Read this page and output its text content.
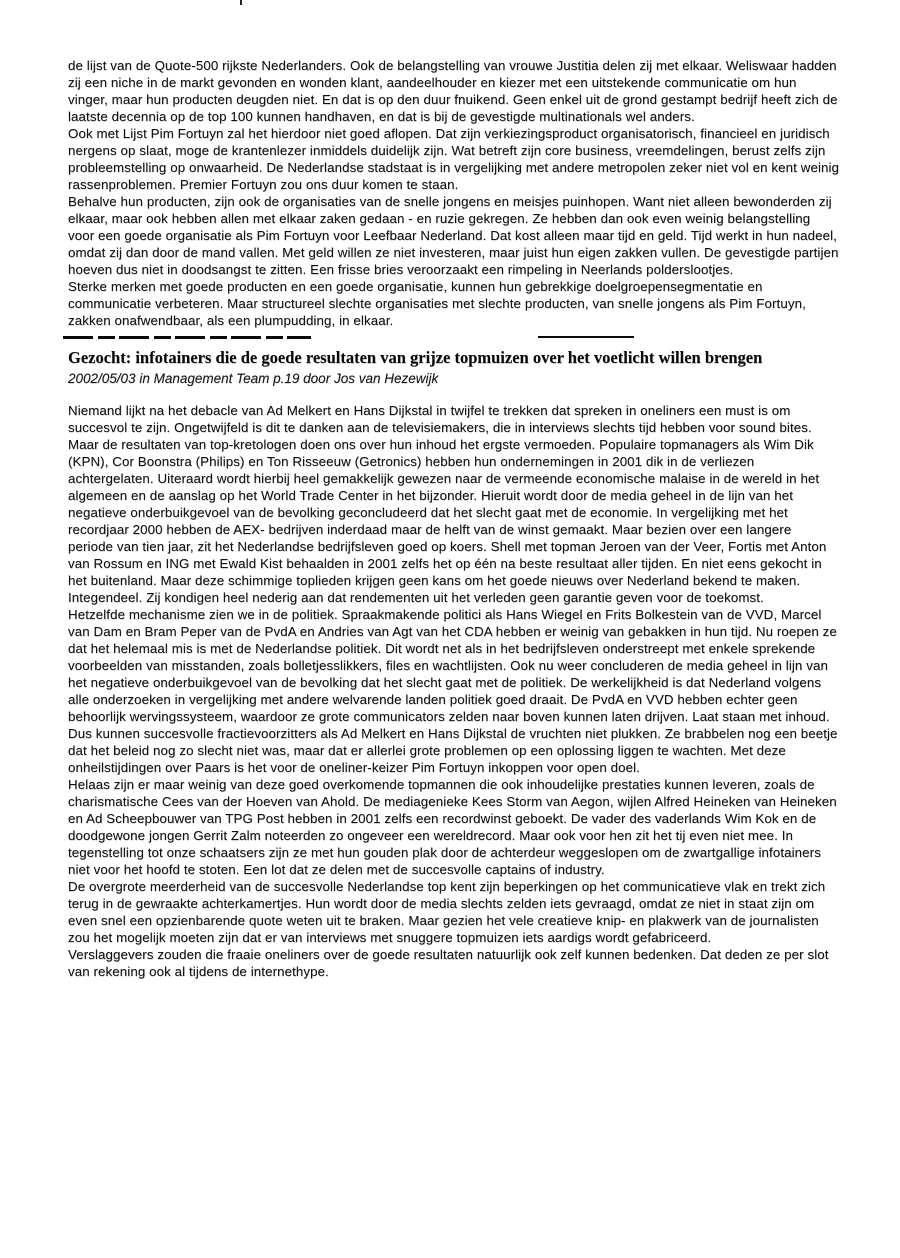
de lijst van de Quote-500 rijkste Nederlanders. Ook de belangstelling van vrouwe Justitia delen zij met elkaar. Weliswaar hadden zij een niche in de markt gevonden en wonden klant, aandeelhouder en kiezer met een uitstekende communicatie om hun vinger, maar hun producten deugden niet. En dat is op den duur fnuikend. Geen enkel uit de grond gestampt bedrijf heeft zich de laatste decennia op de top 100 kunnen handhaven, en dat is bij de gevestigde multinationals wel anders.

Ook met Lijst Pim Fortuyn zal het hierdoor niet goed aflopen. Dat zijn verkiezingsproduct organisatorisch, financieel en juridisch nergens op slaat, moge de krantenlezer inmiddels duidelijk zijn. Wat betreft zijn core business, vreemdelingen, berust zelfs zijn probleemstelling op onwaarheid. De Nederlandse stadstaat is in vergelijking met andere metropolen zeker niet vol en kent weinig rassenproblemen. Premier Fortuyn zou ons duur komen te staan.

Behalve hun producten, zijn ook de organisaties van de snelle jongens en meisjes puinhopen. Want niet alleen bewonderden zij elkaar, maar ook hebben allen met elkaar zaken gedaan - en ruzie gekregen. Ze hebben dan ook even weinig belangstelling voor een goede organisatie als Pim Fortuyn voor Leefbaar Nederland. Dat kost alleen maar tijd en geld. Tijd werkt in hun nadeel, omdat zij dan door de mand vallen. Met geld willen ze niet investeren, maar juist hun eigen zakken vullen. De gevestigde partijen hoeven dus niet in doodsangst te zitten. Een frisse bries veroorzaakt een rimpeling in Neerlands polderslootjes.

Sterke merken met goede producten en een goede organisatie, kunnen hun gebrekkige doelgroepensegmentatie en communicatie verbeteren. Maar structureel slechte organisaties met slechte producten, van snelle jongens als Pim Fortuyn, zakken onafwendbaar, als een plumpudding, in elkaar.

Gezocht: infotainers die de goede resultaten van grijze topmuizen over het voetlicht willen brengen

2002/05/03 in Management Team p.19 door Jos van Hezewijk

Niemand lijkt na het debacle van Ad Melkert en Hans Dijkstal in twijfel te trekken dat spreken in oneliners een must is om succesvol te zijn. Ongetwijfeld is dit te danken aan de televisiemakers, die in interviews slechts tijd hebben voor sound bites. Maar de resultaten van top-kretologen doen ons over hun inhoud het ergste vermoeden. Populaire topmanagers als Wim Dik (KPN), Cor Boonstra (Philips) en Ton Risseeuw (Getronics) hebben hun ondernemingen in 2001 dik in de verliezen achtergelaten. Uiteraard wordt hierbij heel gemakkelijk gewezen naar de vermeende economische malaise in de wereld in het algemeen en de aanslag op het World Trade Center in het bijzonder. Hieruit wordt door de media geheel in de lijn van het negatieve onderbuikgevoel van de bevolking geconcludeerd dat het slecht gaat met de economie. In vergelijking met het recordjaar 2000 hebben de AEX- bedrijven inderdaad maar de helft van de winst gemaakt. Maar bezien over een langere periode van tien jaar, zit het Nederlandse bedrijfsleven goed op koers. Shell met topman Jeroen van der Veer, Fortis met Anton van Rossum en ING met Ewald Kist behaalden in 2001 zelfs het op één na beste resultaat aller tijden. En niet eens gekocht in het buitenland. Maar deze schimmige toplieden krijgen geen kans om het goede nieuws over Nederland bekend te maken. Integendeel. Zij kondigen heel nederig aan dat rendementen uit het verleden geen garantie geven voor de toekomst.

Hetzelfde mechanisme zien we in de politiek. Spraakmakende politici als Hans Wiegel en Frits Bolkestein van de VVD, Marcel van Dam en Bram Peper van de PvdA en Andries van Agt van het CDA hebben er weinig van gebakken in hun tijd. Nu roepen ze dat het helemaal mis is met de Nederlandse politiek. Dit wordt net als in het bedrijfsleven onderstreept met enkele sprekende voorbeelden van misstanden, zoals bolletjesslikkers, files en wachtlijsten. Ook nu weer concluderen de media geheel in lijn van het negatieve onderbuikgevoel van de bevolking dat het slecht gaat met de politiek. De werkelijkheid is dat Nederland volgens alle onderzoeken in vergelijking met andere welvarende landen politiek goed draait. De PvdA en VVD hebben echter geen behoorlijk wervingssysteem, waardoor ze grote communicators zelden naar boven kunnen laten drijven. Laat staan met inhoud. Dus kunnen succesvolle fractievoorzitters als Ad Melkert en Hans Dijkstal de vruchten niet plukken. Ze brabbelen nog een beetje dat het beleid nog zo slecht niet was, maar dat er allerlei grote problemen op een oplossing liggen te wachten. Met deze onheilstijdingen over Paars is het voor de oneliner-keizer Pim Fortuyn inkoppen voor open doel.

Helaas zijn er maar weinig van deze goed overkomende topmannen die ook inhoudelijke prestaties kunnen leveren, zoals de charismatische Cees van der Hoeven van Ahold. De mediagenieke Kees Storm van Aegon, wijlen Alfred Heineken van Heineken en Ad Scheepbouwer van TPG Post hebben in 2001 zelfs een recordwinst geboekt. De vader des vaderlands Wim Kok en de doodgewone jongen Gerrit Zalm noteerden zo ongeveer een wereldrecord. Maar ook voor hen zit het tij even niet mee. In tegenstelling tot onze schaatsers zijn ze met hun gouden plak door de achterdeur weggeslopen om de zwartgallige infotainers niet voor het hoofd te stoten. Een lot dat ze delen met de succesvolle captains of industry.

De overgrote meerderheid van de succesvolle Nederlandse top kent zijn beperkingen op het communicatieve vlak en trekt zich terug in de gewraakte achterkamertjes. Hun wordt door de media slechts zelden iets gevraagd, omdat ze niet in staat zijn om even snel een opzienbarende quote weten uit te braken. Maar gezien het vele creatieve knip- en plakwerk van de journalisten zou het mogelijk moeten zijn dat er van interviews met snuggere topmuizen iets aardigs wordt gefabriceerd.

Verslaggevers zouden die fraaie oneliners over de goede resultaten natuurlijk ook zelf kunnen bedenken. Dat deden ze per slot van rekening ook al tijdens de internethype.
